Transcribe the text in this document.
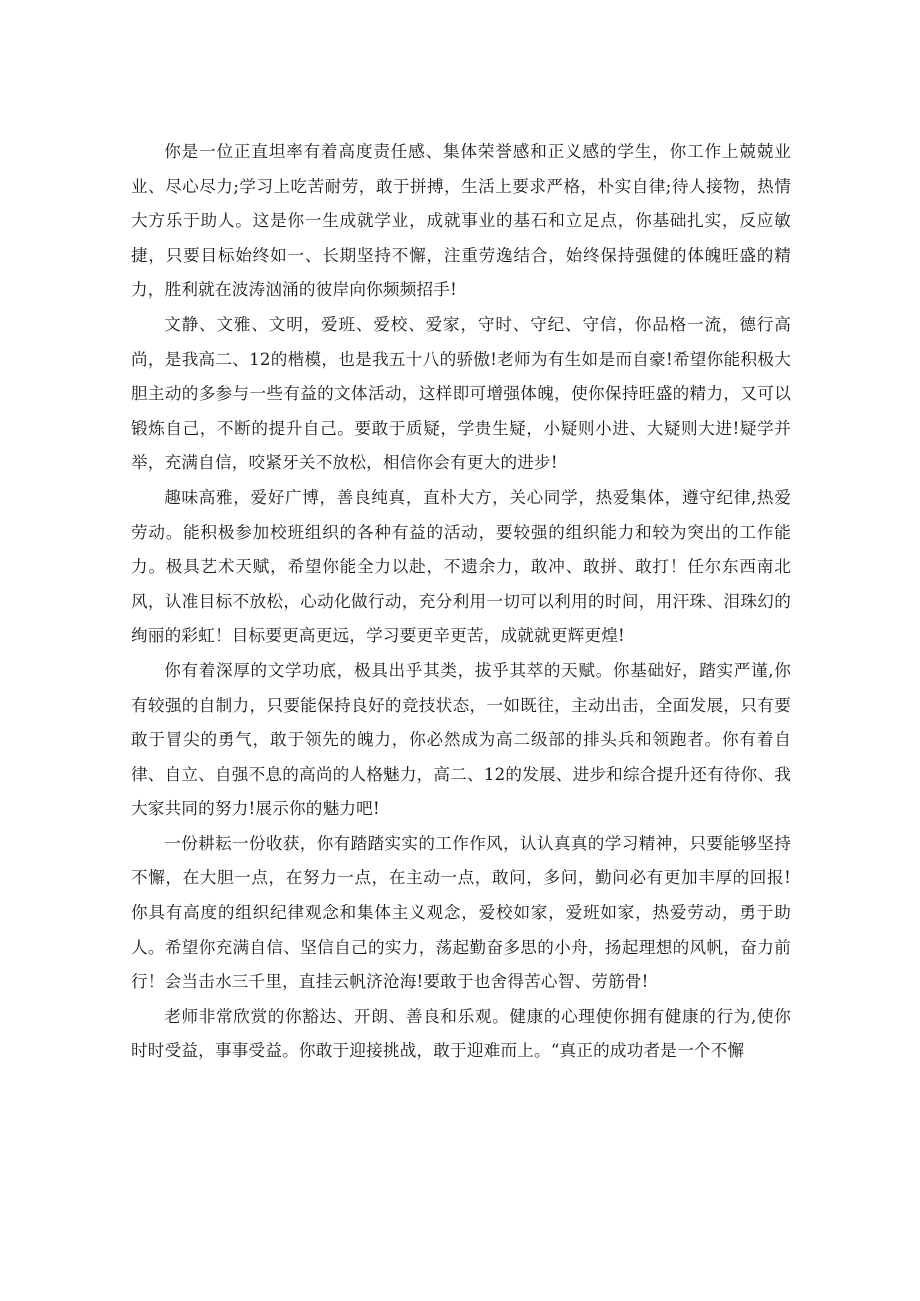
你是一位正直坦率有着高度责任感、集体荣誉感和正义感的学生，你工作上兢兢业业、尽心尽力;学习上吃苦耐劳，敢于拼搏，生活上要求严格，朴实自律;待人接物，热情大方乐于助人。这是你一生成就学业，成就事业的基石和立足点，你基础扎实，反应敏捷，只要目标始终如一、长期坚持不懈，注重劳逸结合，始终保持强健的体魄旺盛的精力，胜利就在波涛汹涌的彼岸向你频频招手!

文静、文雅、文明，爱班、爱校、爱家，守时、守纪、守信，你品格一流，德行高尚，是我高二、12的楷模，也是我五十八的骄傲!老师为有生如是而自豪!希望你能积极大胆主动的多参与一些有益的文体活动，这样即可增强体魄，使你保持旺盛的精力，又可以锻炼自己，不断的提升自己。要敢于质疑，学贵生疑，小疑则小进、大疑则大进!疑学并举，充满自信，咬紧牙关不放松，相信你会有更大的进步!

趣味高雅，爱好广博，善良纯真，直朴大方，关心同学，热爱集体，遵守纪律,热爱劳动。能积极参加校班组织的各种有益的活动，要较强的组织能力和较为突出的工作能力。极具艺术天赋，希望你能全力以赴，不遗余力，敢冲、敢拼、敢打！任尔东西南北风，认准目标不放松，心动化做行动，充分利用一切可以利用的时间，用汗珠、泪珠幻的绚丽的彩虹！目标要更高更远，学习要更辛更苦，成就就更辉更煌!

你有着深厚的文学功底，极具出乎其类，拔乎其萃的天赋。你基础好，踏实严谨,你有较强的自制力，只要能保持良好的竞技状态，一如既往，主动出击，全面发展，只有要敢于冒尖的勇气，敢于领先的魄力，你必然成为高二级部的排头兵和领跑者。你有着自律、自立、自强不息的高尚的人格魅力，高二、12的发展、进步和综合提升还有待你、我大家共同的努力!展示你的魅力吧!

一份耕耘一份收获，你有踏踏实实的工作作风，认认真真的学习精神，只要能够坚持不懈，在大胆一点，在努力一点，在主动一点，敢问，多问，勤问必有更加丰厚的回报!你具有高度的组织纪律观念和集体主义观念，爱校如家，爱班如家，热爱劳动，勇于助人。希望你充满自信、坚信自己的实力，荡起勤奋多思的小舟，扬起理想的风帆，奋力前行！会当击水三千里，直挂云帆济沧海!要敢于也舍得苦心智、劳筋骨!

老师非常欣赏的你豁达、开朗、善良和乐观。健康的心理使你拥有健康的行为,使你时时受益，事事受益。你敢于迎接挑战，敢于迎难而上。“真正的成功者是一个不懈
